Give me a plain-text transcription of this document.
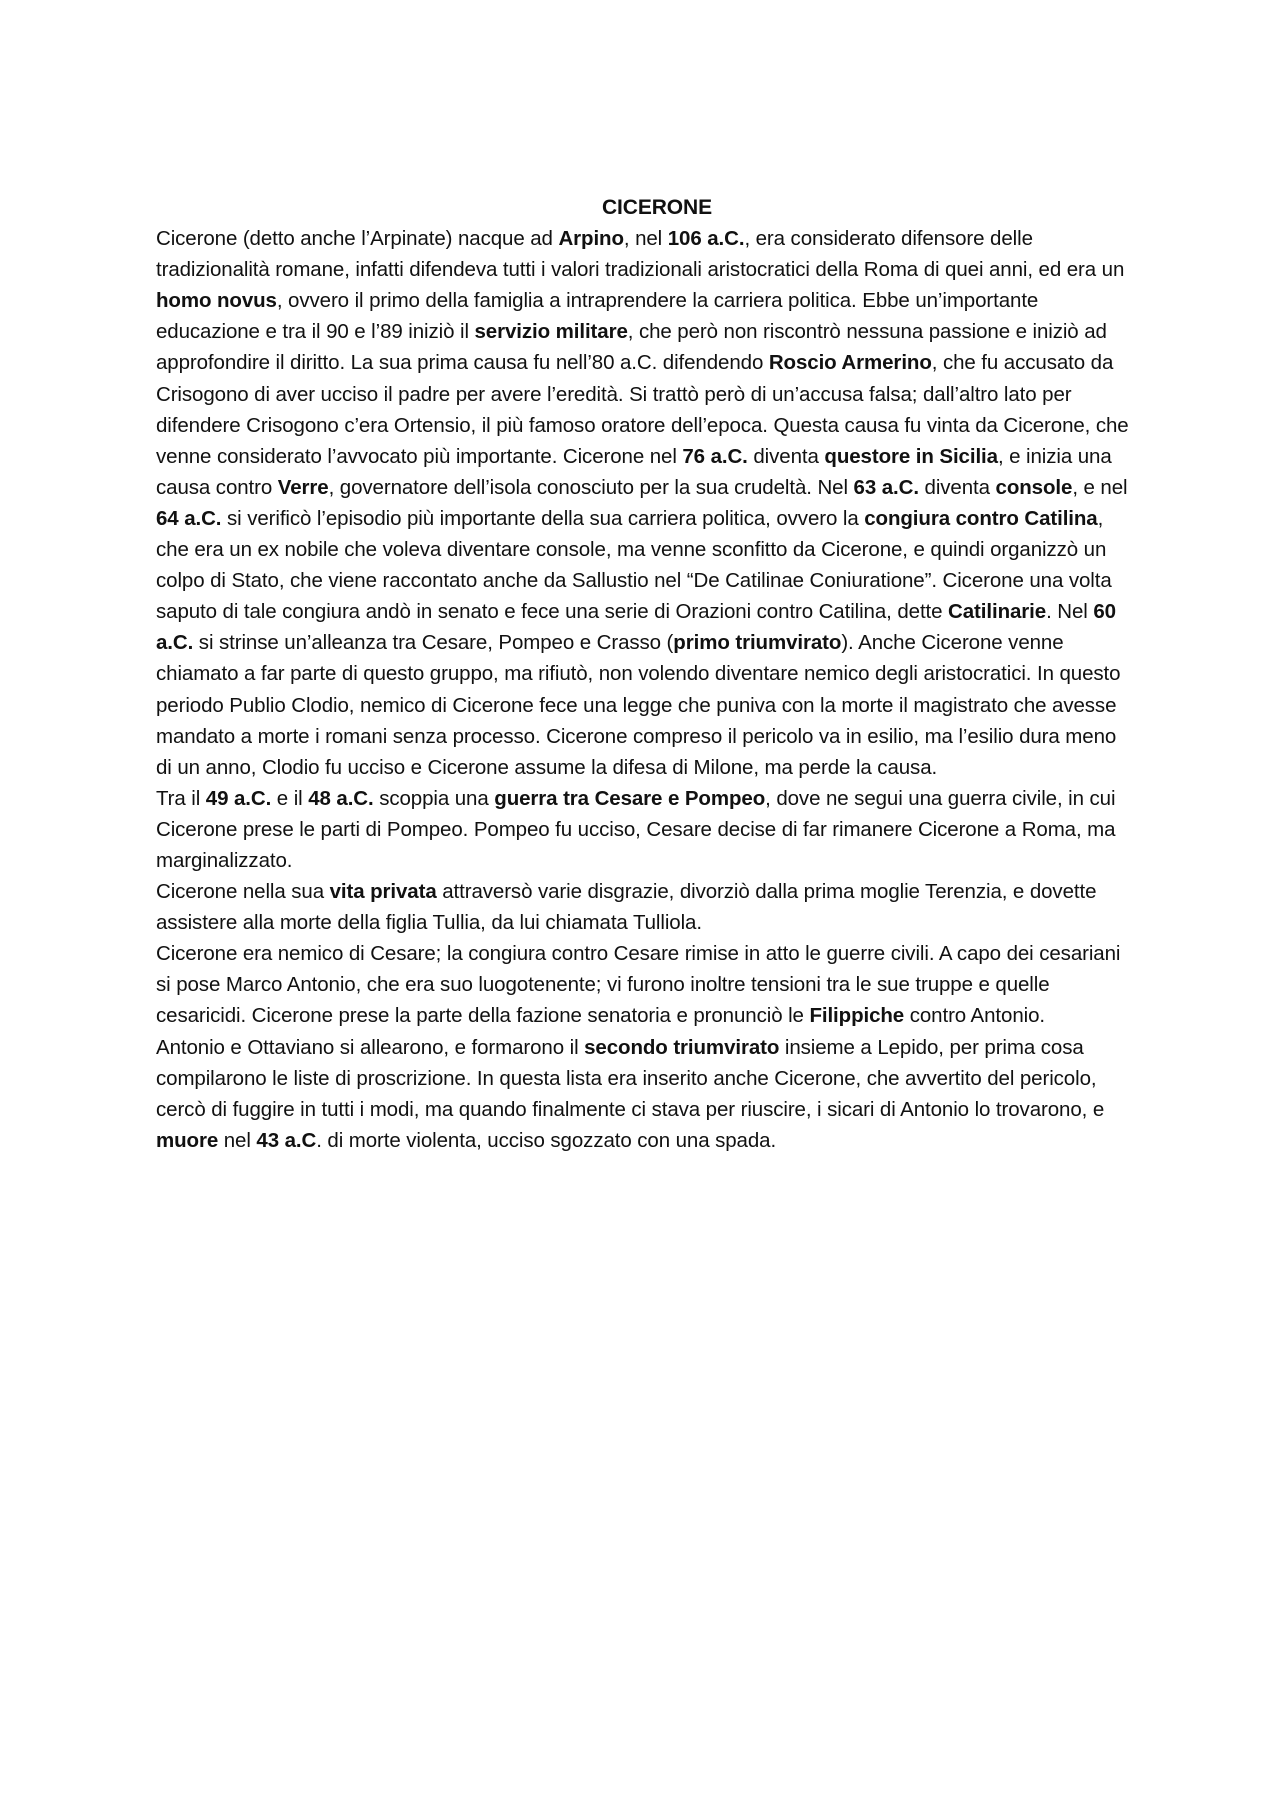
CICERONE

Cicerone (detto anche l’Arpinate) nacque ad Arpino, nel 106 a.C., era considerato difensore delle tradizionalità romane, infatti difendeva tutti i valori tradizionali aristocratici della Roma di quei anni, ed era un homo novus, ovvero il primo della famiglia a intraprendere la carriera politica. Ebbe un’importante educazione e tra il 90 e l’89 iniziò il servizio militare, che però non riscontrò nessuna passione e iniziò ad approfondire il diritto. La sua prima causa fu nell’80 a.C. difendendo Roscio Armerino, che fu accusato da Crisogono di aver ucciso il padre per avere l’eredità. Si trattò però di un’accusa falsa; dall’altro lato per difendere Crisogono c’era Ortensio, il più famoso oratore dell’epoca. Questa causa fu vinta da Cicerone, che venne considerato l’avvocato più importante. Cicerone nel 76 a.C. diventa questore in Sicilia, e inizia una causa contro Verre, governatore dell’isola conosciuto per la sua crudeltà. Nel 63 a.C. diventa console, e nel 64 a.C. si verificò l’episodio più importante della sua carriera politica, ovvero la congiura contro Catilina, che era un ex nobile che voleva diventare console, ma venne sconfitto da Cicerone, e quindi organizzò un colpo di Stato, che viene raccontato anche da Sallustio nel “De Catilinae Coniuratione”. Cicerone una volta saputo di tale congiura andò in senato e fece una serie di Orazioni contro Catilina, dette Catilinarie. Nel 60 a.C. si strinse un’alleanza tra Cesare, Pompeo e Crasso (primo triumvirato). Anche Cicerone venne chiamato a far parte di questo gruppo, ma rifiutò, non volendo diventare nemico degli aristocratici. In questo periodo Publio Clodio, nemico di Cicerone fece una legge che puniva con la morte il magistrato che avesse mandato a morte i romani senza processo. Cicerone compreso il pericolo va in esilio, ma l’esilio dura meno di un anno, Clodio fu ucciso e Cicerone assume la difesa di Milone, ma perde la causa.

Tra il 49 a.C. e il 48 a.C. scoppia una guerra tra Cesare e Pompeo, dove ne segui una guerra civile, in cui Cicerone prese le parti di Pompeo. Pompeo fu ucciso, Cesare decise di far rimanere Cicerone a Roma, ma marginalizzato.

Cicerone nella sua vita privata attraversò varie disgrazie, divorziò dalla prima moglie Terenzia, e dovette assistere alla morte della figlia Tullia, da lui chiamata Tulliola.

Cicerone era nemico di Cesare; la congiura contro Cesare rimise in atto le guerre civili. A capo dei cesariani si pose Marco Antonio, che era suo luogotenente; vi furono inoltre tensioni tra le sue truppe e quelle cesaricidi. Cicerone prese la parte della fazione senatoria e pronunciò le Filippiche contro Antonio.

Antonio e Ottaviano si allearono, e formarono il secondo triumvirato insieme a Lepido, per prima cosa compilarono le liste di proscrizione. In questa lista era inserito anche Cicerone, che avvertito del pericolo, cercò di fuggire in tutti i modi, ma quando finalmente ci stava per riuscire, i sicari di Antonio lo trovarono, e muore nel 43 a.C. di morte violenta, ucciso sgozzato con una spada.
